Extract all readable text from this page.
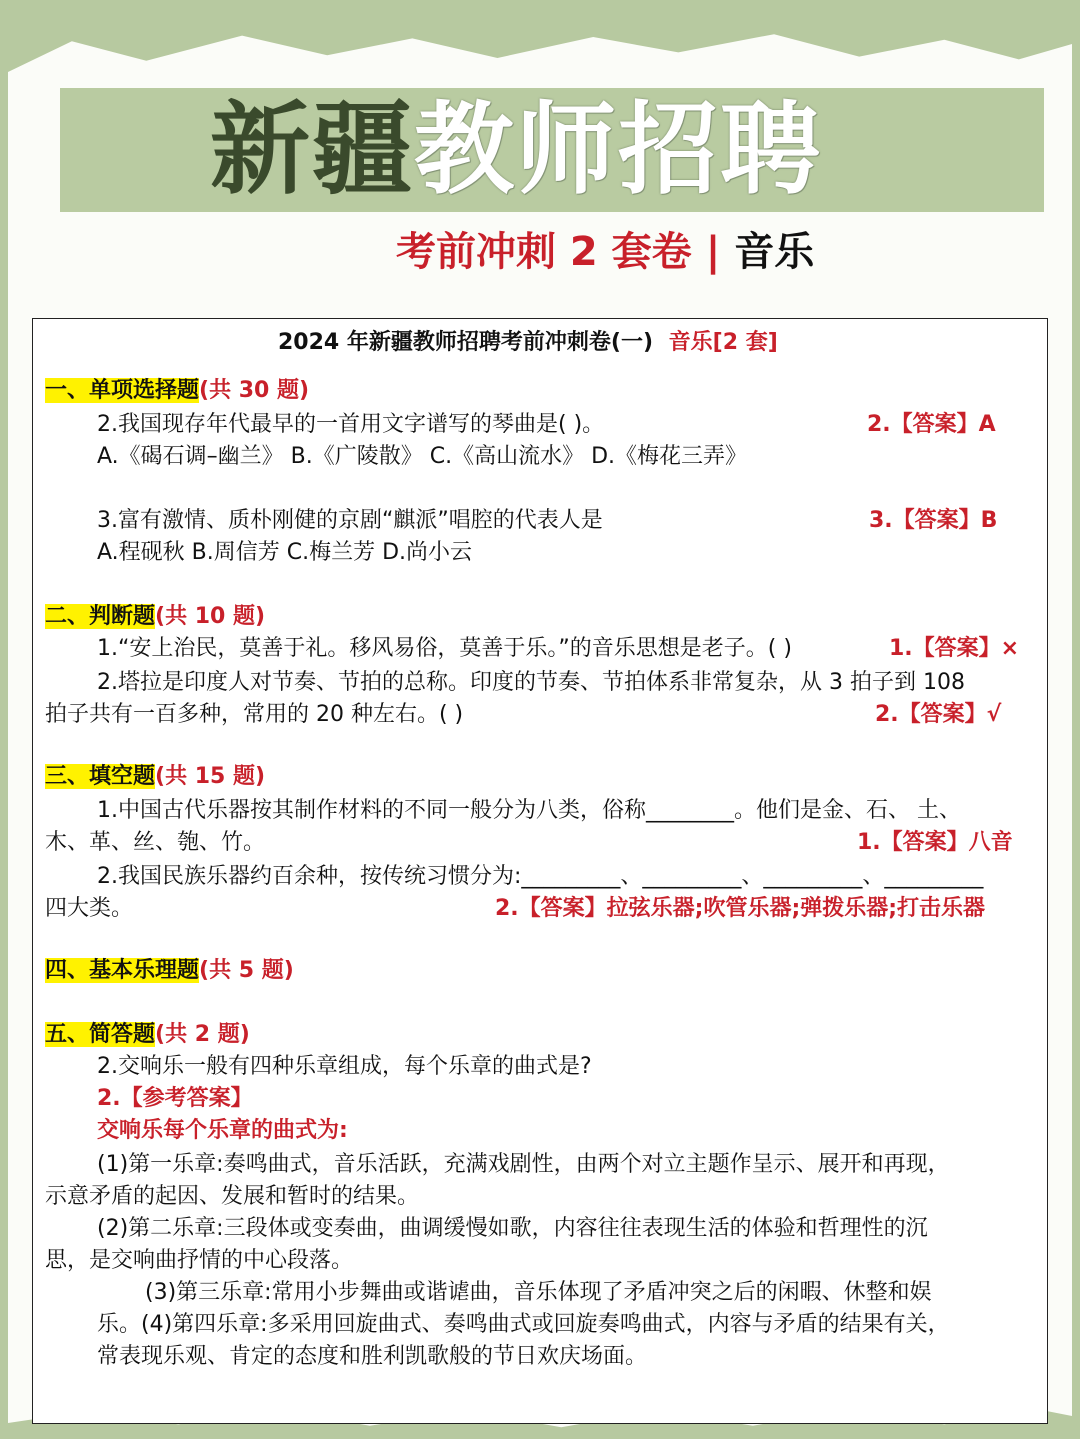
新疆教师招聘
考前冲刺 2 套卷 | 音乐
2024 年新疆教师招聘考前冲刺卷(一) 音乐[2 套]
一、单项选择题(共 30 题)
2.我国现存年代最早的一首用文字谱写的琴曲是( )。	2.【答案】A
A.《碣石调–幽兰》 B.《广陵散》 C.《高山流水》 D.《梅花三弄》
3.富有激情、质朴刚健的京剧“麒派”唱腔的代表人是	3.【答案】B
A.程砚秋 B.周信芳 C.梅兰芳 D.尚小云
二、判断题(共 10 题)
1.“安上治民，莫善于礼。移风易俗，莫善于乐。”的音乐思想是老子。( )	1.【答案】×
2.塔拉是印度人对节奏、节拍的总称。印度的节奏、节拍体系非常复杂，从 3 拍子到 108
拍子共有一百多种，常用的 20 种左右。( )	2.【答案】√
三、填空题(共 15 题)
1.中国古代乐器按其制作材料的不同一般分为八类，俗称________。他们是金、石、 土、
木、革、丝、匏、竹。	1.【答案】八音
2.我国民族乐器约百余种，按传统习惯分为:_________、_________、_________、_________
四大类。	2.【答案】拉弦乐器;吹管乐器;弹拨乐器;打击乐器
四、基本乐理题(共 5 题)
五、简答题(共 2 题)
2.交响乐一般有四种乐章组成，每个乐章的曲式是?
2.【参考答案】
交响乐每个乐章的曲式为:
(1)第一乐章:奏鸣曲式，音乐活跃，充满戏剧性，由两个对立主题作呈示、展开和再现，
示意矛盾的起因、发展和暂时的结果。
(2)第二乐章:三段体或变奏曲，曲调缓慢如歌，内容往往表现生活的体验和哲理性的沉
思，是交响曲抒情的中心段落。
(3)第三乐章:常用小步舞曲或谐谑曲，音乐体现了矛盾冲突之后的闲暇、休整和娱
乐。(4)第四乐章:多采用回旋曲式、奏鸣曲式或回旋奏鸣曲式，内容与矛盾的结果有关，
常表现乐观、肯定的态度和胜利凯歌般的节日欢庆场面。
